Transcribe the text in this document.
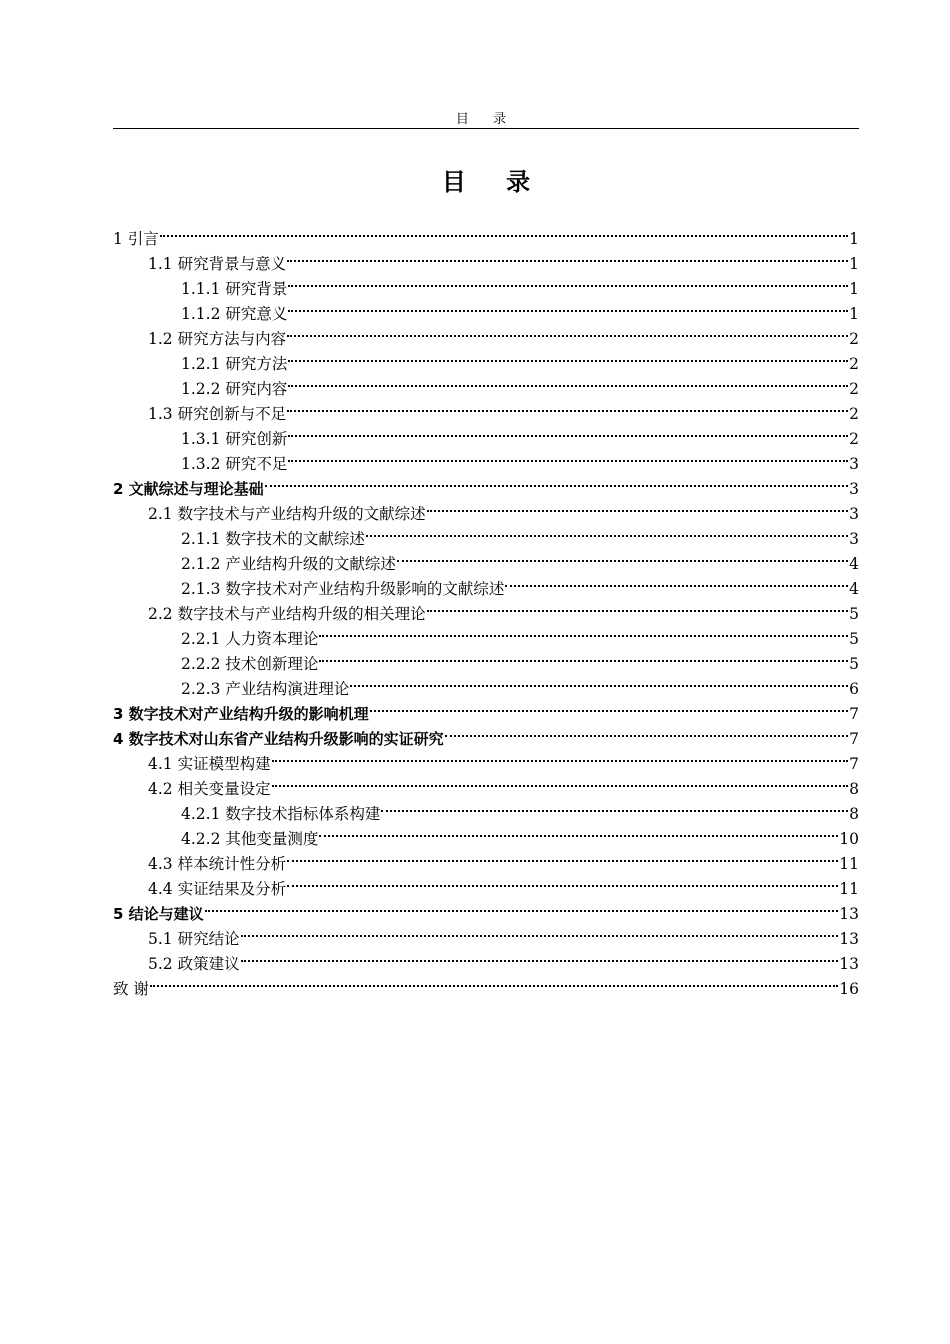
目 录
目 录
1 引言	1
1.1 研究背景与意义	1
1.1.1 研究背景	1
1.1.2 研究意义	1
1.2 研究方法与内容	2
1.2.1 研究方法	2
1.2.2 研究内容	2
1.3 研究创新与不足	2
1.3.1 研究创新	2
1.3.2 研究不足	3
2 文献综述与理论基础	3
2.1 数字技术与产业结构升级的文献综述	3
2.1.1 数字技术的文献综述	3
2.1.2 产业结构升级的文献综述	4
2.1.3 数字技术对产业结构升级影响的文献综述	4
2.2 数字技术与产业结构升级的相关理论	5
2.2.1 人力资本理论	5
2.2.2 技术创新理论	5
2.2.3 产业结构演进理论	6
3 数字技术对产业结构升级的影响机理	7
4 数字技术对山东省产业结构升级影响的实证研究	7
4.1 实证模型构建	7
4.2 相关变量设定	8
4.2.1 数字技术指标体系构建	8
4.2.2 其他变量测度	10
4.3 样本统计性分析	11
4.4 实证结果及分析	11
5 结论与建议	13
5.1 研究结论	13
5.2 政策建议	13
致 谢	16
